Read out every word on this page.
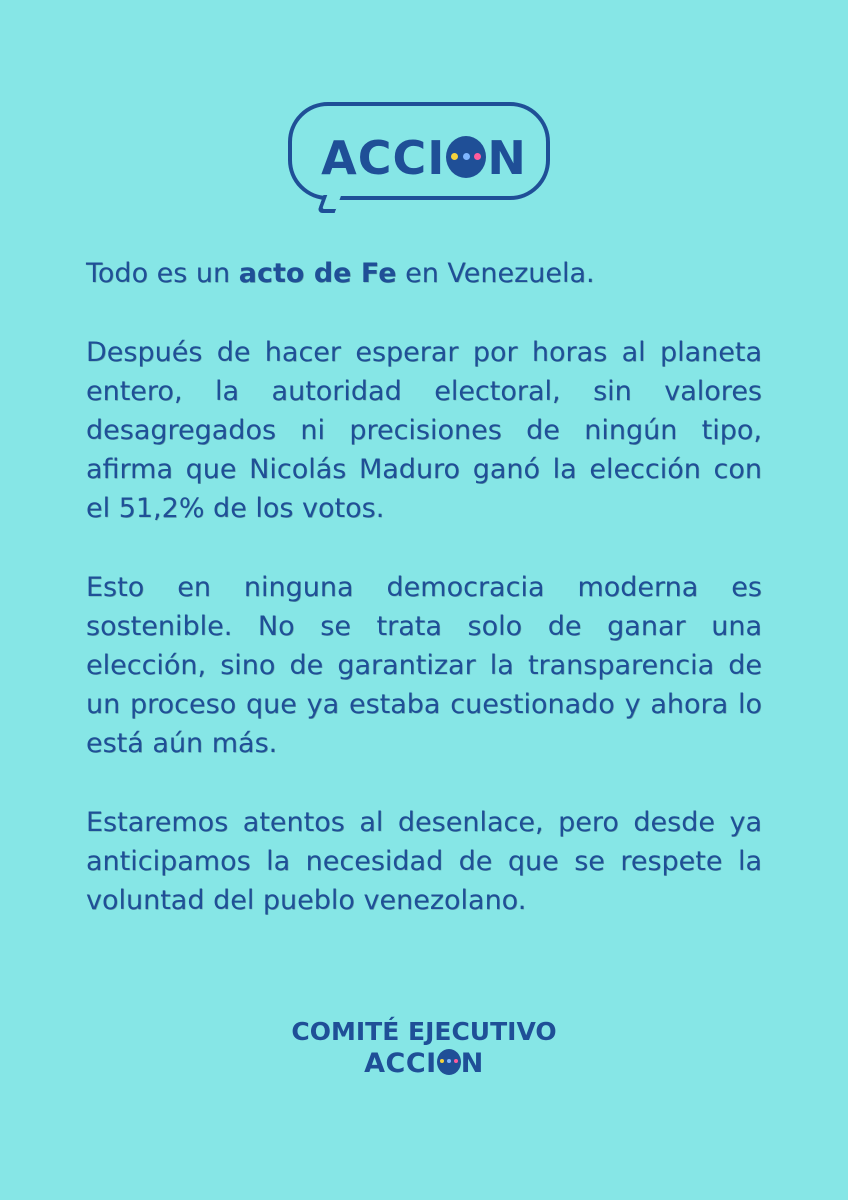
ACCI N

Todo es un acto de Fe en Venezuela.

Después de hacer esperar por horas al planeta entero, la autoridad electoral, sin valores desagregados ni precisiones de ningún tipo, afirma que Nicolás Maduro ganó la elección con el 51,2% de los votos.

Esto en ninguna democracia moderna es sostenible. No se trata solo de ganar una elección, sino de garantizar la transparencia de un proceso que ya estaba cuestionado y ahora lo está aún más.

Estaremos atentos al desenlace, pero desde ya anticipamos la necesidad de que se respete la voluntad del pueblo venezolano.

COMITÉ EJECUTIVO
ACCI N
